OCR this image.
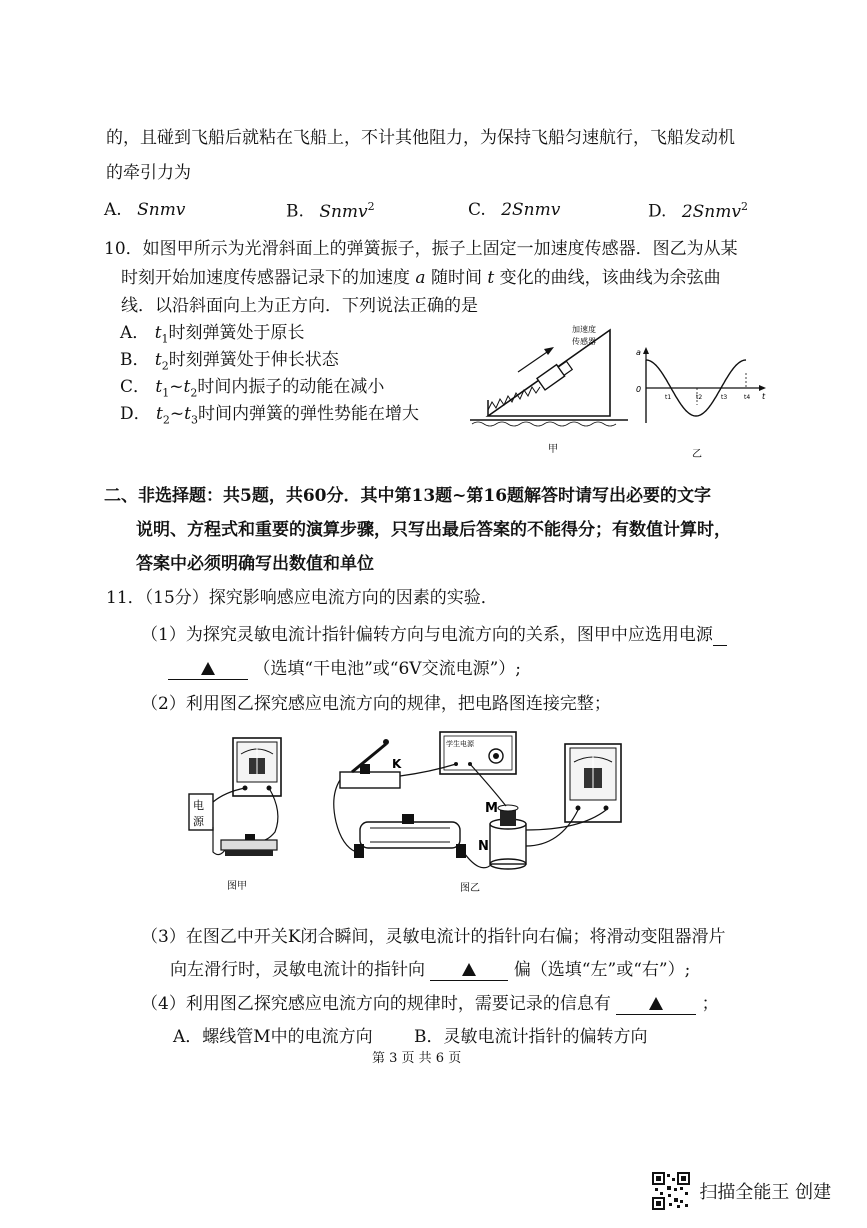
的，且碰到飞船后就粘在飞船上，不计其他阻力，为保持飞船匀速航行，飞船发动机
的牵引力为
A. Snmv	B. Snmv$^2$	C. 2Snmv	D. 2Snmv$^2$
10．如图甲所示为光滑斜面上的弹簧振子，振子上固定一加速度传感器．图乙为从某
时刻开始加速度传感器记录下的加速度 a 随时间 t 变化的曲线，该曲线为余弦曲
线．以沿斜面向上为正方向．下列说法正确的是
A． $t_1$时刻弹簧处于原长
B． $t_2$时刻弹簧处于伸长状态
C． $t_1\sim t_2$时间内振子的动能在减小
D． $t_2\sim t_3$时间内弹簧的弹性势能在增大
加速度
传感器
甲
a
0
t
t1	t2	t3	t4
乙
二、非选择题：共5题，共60分．其中第13题~第16题解答时请写出必要的文字
说明、方程式和重要的演算步骤，只写出最后答案的不能得分；有数值计算时，
答案中必须明确写出数值和单位
11．（15分）探究影响感应电流方向的因素的实验．
（1）为探究灵敏电流计指针偏转方向与电流方向的关系，图甲中应选用电源
（选填“干电池”或“6V交流电源”）;
（2）利用图乙探究感应电流方向的规律，把电路图连接完整；
电
源
图甲
K
学生电源
M
N
图乙
（3）在图乙中开关K闭合瞬间，灵敏电流计的指针向右偏；将滑动变阻器滑片
向左滑行时，灵敏电流计的指针向	偏（选填“左”或“右”）;
（4）利用图乙探究感应电流方向的规律时，需要记录的信息有	；
A．螺线管M中的电流方向 B．灵敏电流计指针的偏转方向
第 3 页 共 6 页
扫描全能王 创建
